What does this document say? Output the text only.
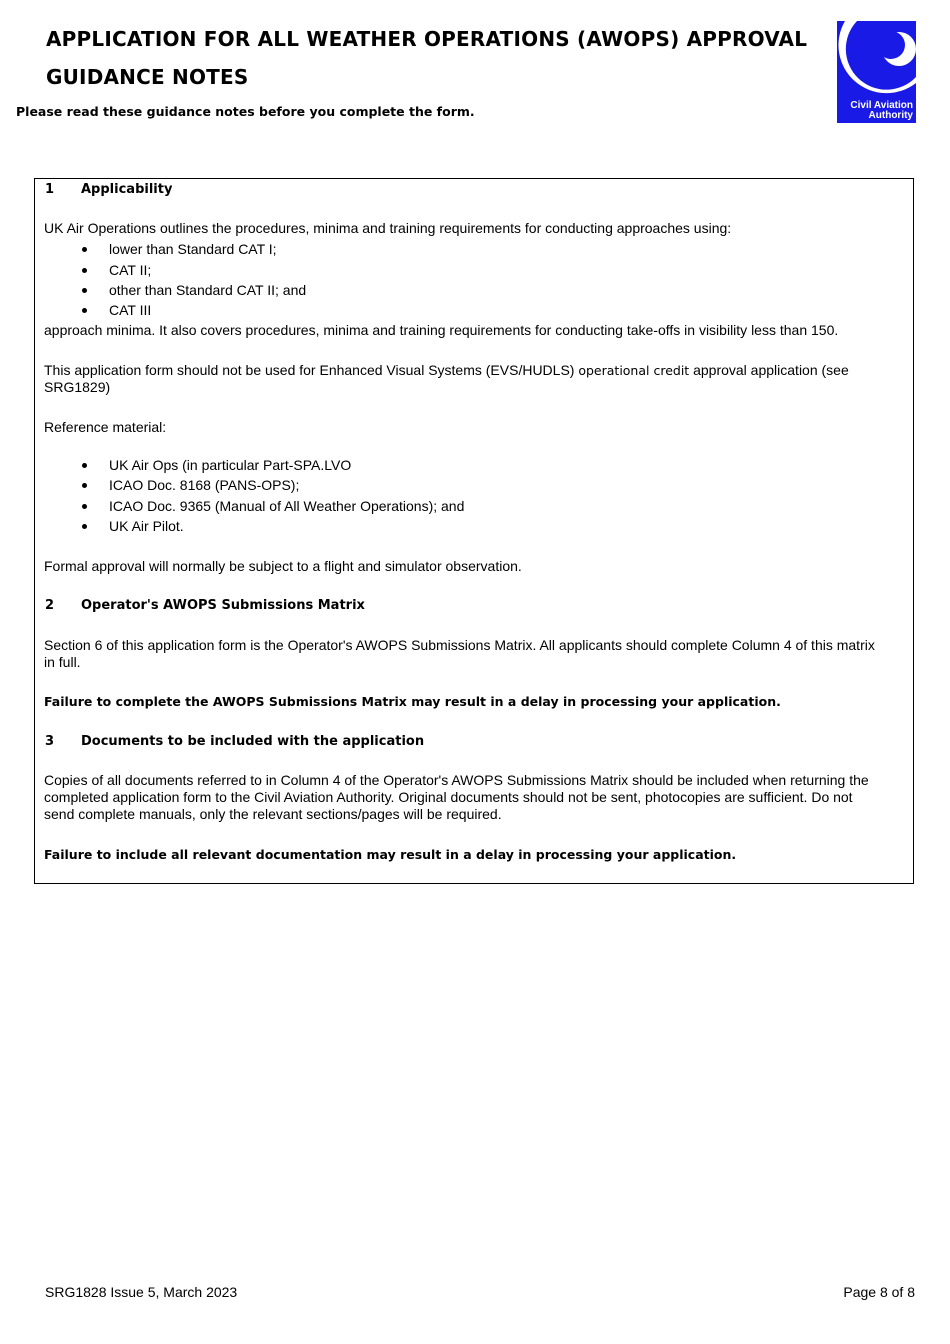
APPLICATION FOR ALL WEATHER OPERATIONS (AWOPS) APPROVAL
GUIDANCE NOTES

Please read these guidance notes before you complete the form.	Civil Aviation
Authority
1 Applicability

UK Air Operations outlines the procedures, minima and training requirements for conducting approaches using:

lower than Standard CAT I;

CAT II;

other than Standard CAT II; and

CAT III

approach minima. It also covers procedures, minima and training requirements for conducting take-offs in visibility less than 150.

This application form should not be used for Enhanced Visual Systems (EVS/HUDLS) operational credit approval application (see

SRG1829)

Reference material:

UK Air Ops (in particular Part-SPA.LVO

ICAO Doc. 8168 (PANS-OPS);

ICAO Doc. 9365 (Manual of All Weather Operations); and

UK Air Pilot.

Formal approval will normally be subject to a flight and simulator observation.

2 Operator's AWOPS Submissions Matrix

Section 6 of this application form is the Operator's AWOPS Submissions Matrix. All applicants should complete Column 4 of this matrix

in full.

Failure to complete the AWOPS Submissions Matrix may result in a delay in processing your application.

3 Documents to be included with the application

Copies of all documents referred to in Column 4 of the Operator's AWOPS Submissions Matrix should be included when returning the

completed application form to the Civil Aviation Authority. Original documents should not be sent, photocopies are sufficient. Do not

send complete manuals, only the relevant sections/pages will be required.

Failure to include all relevant documentation may result in a delay in processing your application.

SRG1828 Issue 5, March 2023	Page 8 of 8
